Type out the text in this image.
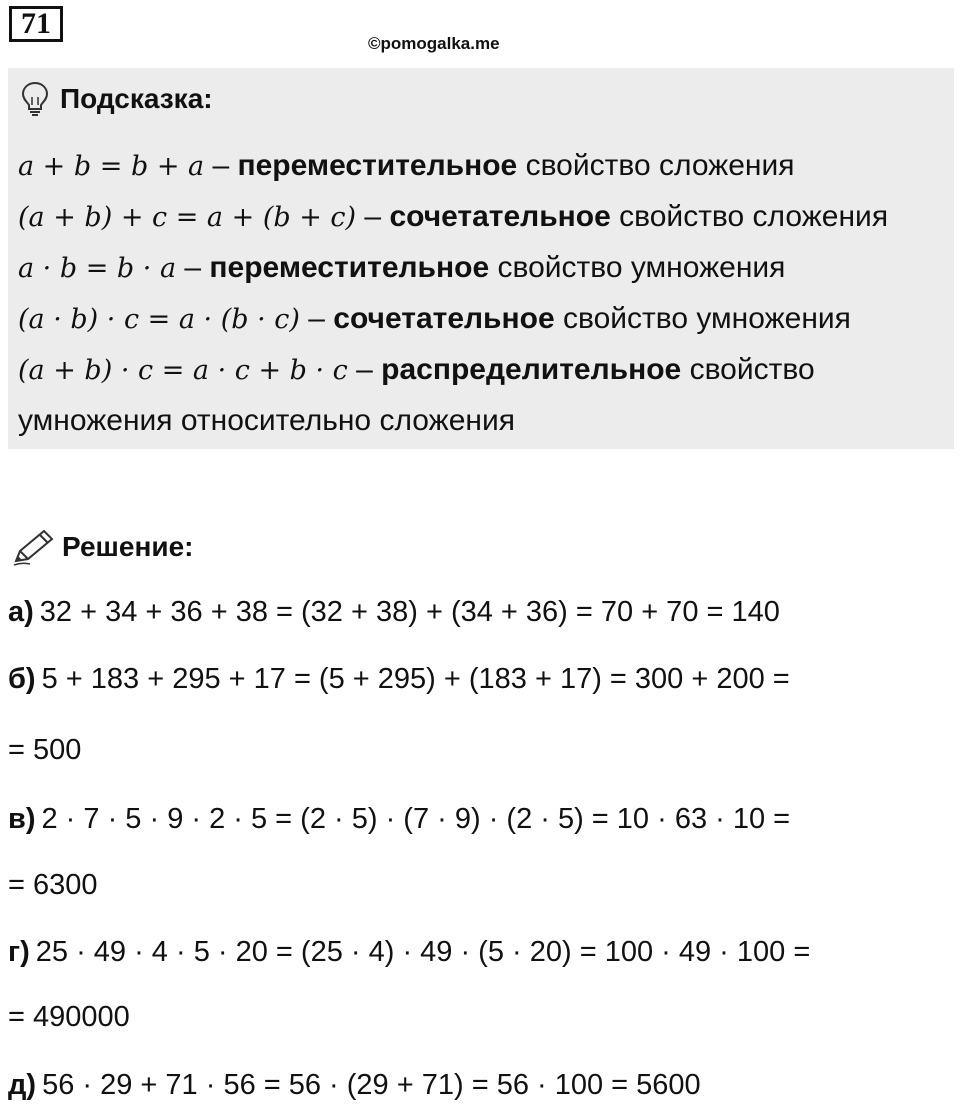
71
©pomogalka.me
Подсказка:
a + b = b + a – переместительное свойство сложения
(a + b) + c = a + (b + c) – сочетательное свойство сложения
a · b = b · a – переместительное свойство умножения
(a · b) · c = a · (b · c) – сочетательное свойство умножения
(a + b) · c = a · c + b · c – распределительное свойство
умножения относительно сложения
Решение:
а) 32 + 34 + 36 + 38 = (32 + 38) + (34 + 36) = 70 + 70 = 140
б) 5 + 183 + 295 + 17 = (5 + 295) + (183 + 17) = 300 + 200 =
= 500
в) 2 · 7 · 5 · 9 · 2 · 5 = (2 · 5) · (7 · 9) · (2 · 5) = 10 · 63 · 10 =
= 6300
г) 25 · 49 · 4 · 5 · 20 = (25 · 4) · 49 · (5 · 20) = 100 · 49 · 100 =
= 490000
д) 56 · 29 + 71 · 56 = 56 · (29 + 71) = 56 · 100 = 5600
